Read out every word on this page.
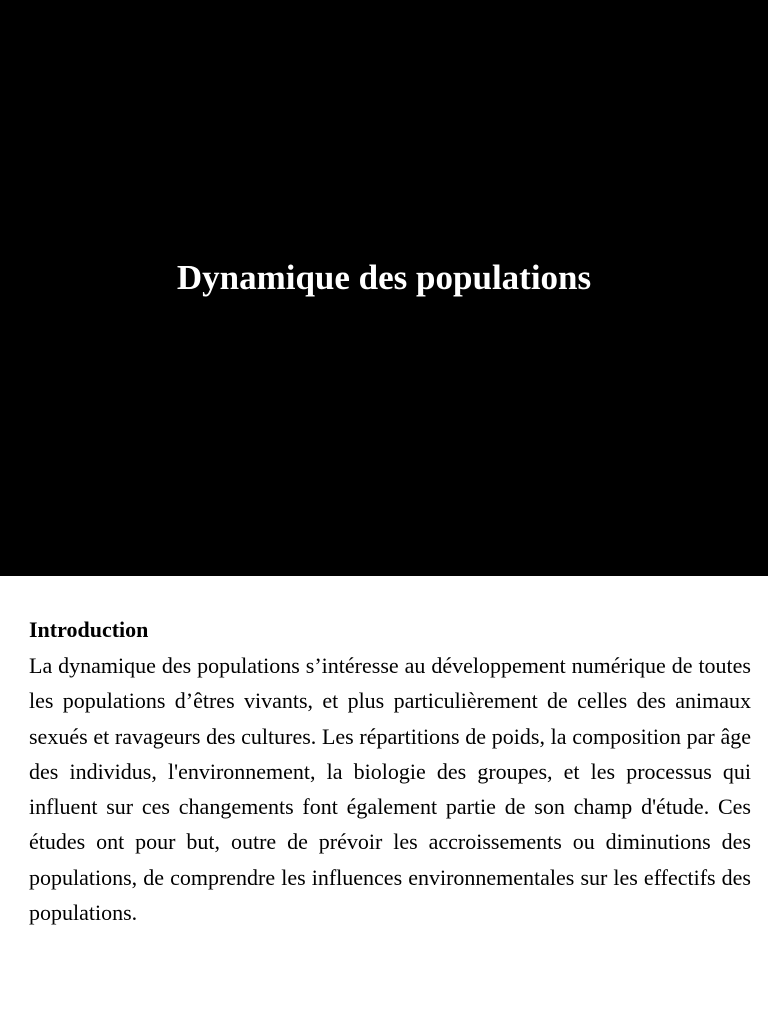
Dynamique des populations
Introduction

La dynamique des populations s’intéresse au développement numérique de toutes les populations d’êtres vivants, et plus particulièrement de celles des animaux sexués et ravageurs des cultures. Les répartitions de poids, la composition par âge des individus, l'environnement, la biologie des groupes, et les processus qui influent sur ces changements font également partie de son champ d'étude. Ces études ont pour but, outre de prévoir les accroissements ou diminutions des populations, de comprendre les influences environnementales sur les effectifs des populations.
